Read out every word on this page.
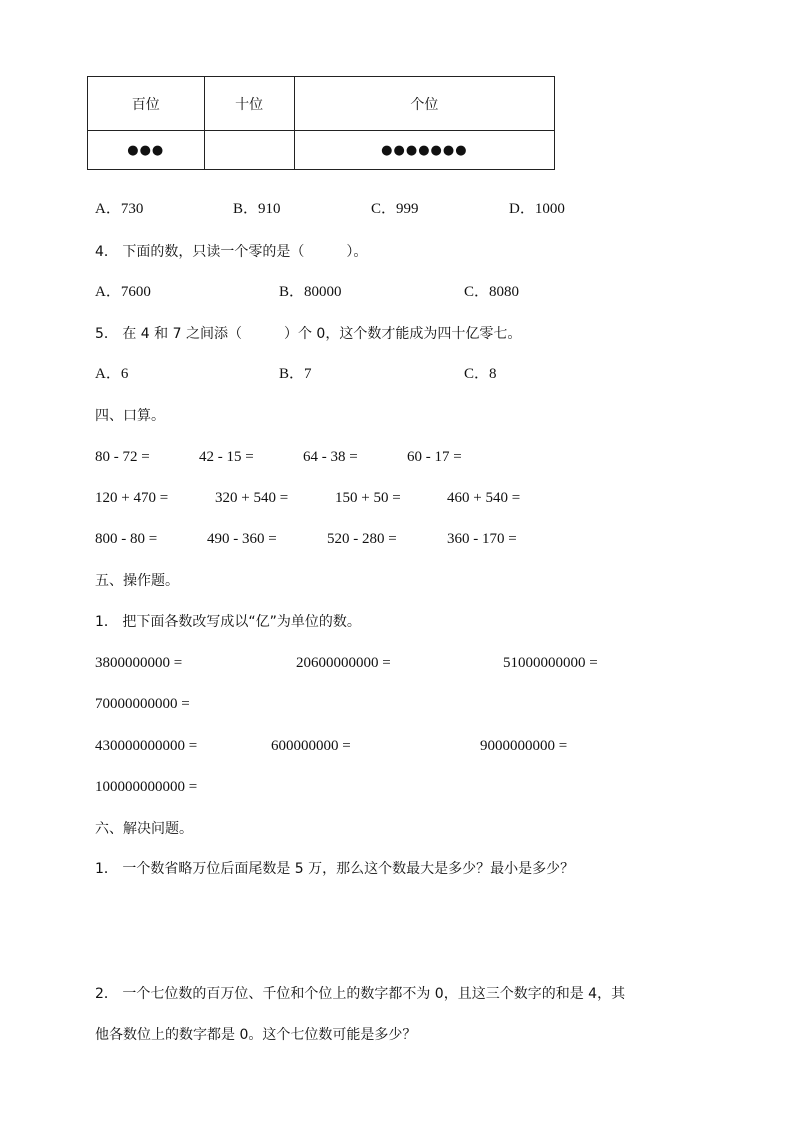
百位	十位	个位
●●●		●●●●●●●
A．730	B．910	C．999	D．1000
4． 下面的数，只读一个零的是（　　　）。
A．7600	B．80000	C．8080
5． 在 4 和 7 之间添（　　　）个 0，这个数才能成为四十亿零七。
A．6	B．7	C．8
四、口算。
80 - 72 =	42 - 15 =	64 - 38 =	60 - 17 =
120 + 470 =	320 + 540 =	150 + 50 =	460 + 540 =
800 - 80 =	490 - 360 =	520 - 280 =	360 - 170 =
五、操作题。
1． 把下面各数改写成以“亿”为单位的数。
3800000000 =	20600000000 =	51000000000 =
70000000000 =
430000000000 =	600000000 =	9000000000 =
100000000000 =
六、解决问题。
1． 一个数省略万位后面尾数是 5 万，那么这个数最大是多少？最小是多少？
2． 一个七位数的百万位、千位和个位上的数字都不为 0，且这三个数字的和是 4，其
他各数位上的数字都是 0。这个七位数可能是多少？
